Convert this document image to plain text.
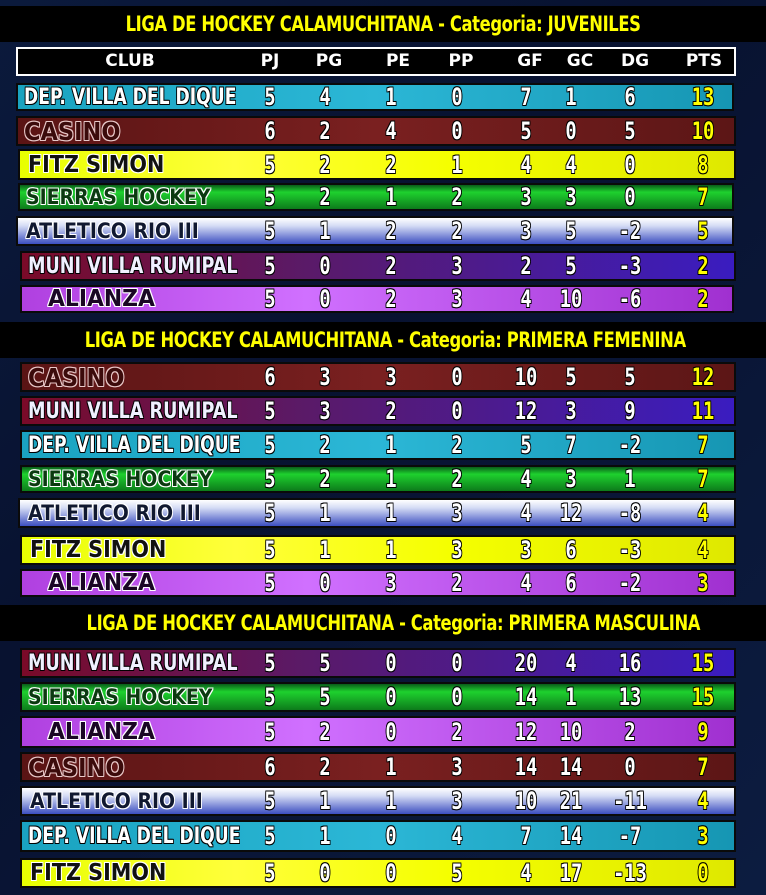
LIGA DE HOCKEY CALAMUCHITANA - Categoria: JUVENILES
CLUB	PJ PG	PE PP	GF GC DG PTS
DEP. VILLA DEL DIQUE 5 4 1 0 7 1 6 13
CASINO	6 2 4 0 5 0 5 10
FITZ SIMON	5 2 2 1 4 4 0	8
SIERRAS HOCKEY 5 2 1 2 3 3 0	7
ATLETICO RIO III	5 1 2 2 3 5 -2 5
MUNI VILLA RUMIPAL 5 0 2 3 2 5 -3 2
ALIANZA	5 0 2 3 4 10 -6 2
LIGA DE HOCKEY CALAMUCHITANA - Categoria: PRIMERA FEMENINA
CASINO	6 3 3 0 10 5 5 12
MUNI VILLA RUMIPAL 5 3 2 0 12 3 9 11
DEP. VILLA DEL DIQUE 5 2 1 2 5 7 -2 7
SIERRAS HOCKEY 5 2 1 2 4 3 1	7
ATLETICO RIO III	5 1 1 3 4 12 -8 4
FITZ SIMON	5 1 1 3 3 6 -3 4
ALIANZA	5 0 3 2 4 6 -2 3
LIGA DE HOCKEY CALAMUCHITANA - Categoria: PRIMERA MASCULINA
MUNI VILLA RUMIPAL 5 5 0 0 20 4 16 15
SIERRAS HOCKEY 5 5 0 0 14 1 13 15
ALIANZA	5 2 0 2 12 10 2	9
CASINO	6 2 1 3 14 14 0	7
ATLETICO RIO III	5 1 1 3 10 21 -11 4
DEP. VILLA DEL DIQUE 5 1 0 4 7 14 -7 3
FITZ SIMON	5 0 0 5 4 17 -13 0
